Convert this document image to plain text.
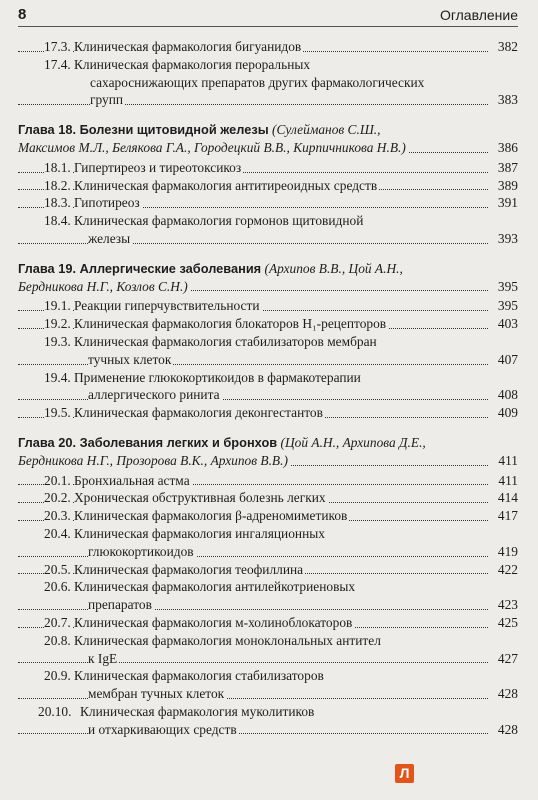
8	Оглавление
17.3. Клиническая фармакология бигуанидов	382
17.4. Клиническая фармакология пероральных
сахароснижающих препаратов других фармакологических
групп	383
Глава 18. Болезни щитовидной железы (Сулейманов С.Ш.,
Максимов М.Л., Белякова Г.А., Городецкий В.В., Кирпичникова Н.В.)	386
18.1. Гипертиреоз и тиреотоксикоз	387
18.2. Клиническая фармакология антитиреоидных средств	389
18.3. Гипотиреоз	391
18.4. Клиническая фармакология гормонов щитовидной
железы	393
Глава 19. Аллергические заболевания (Архипов В.В., Цой А.Н.,
Бердникова Н.Г., Козлов С.Н.)	395
19.1. Реакции гиперчувствительности	395
19.2. Клиническая фармакология блокаторов Н₁-рецепторов	403
19.3. Клиническая фармакология стабилизаторов мембран
тучных клеток	407
19.4. Применение глюкокортикоидов в фармакотерапии
аллергического ринита	408
19.5. Клиническая фармакология деконгестантов	409
Глава 20. Заболевания легких и бронхов (Цой А.Н., Архипова Д.Е.,
Бердникова Н.Г., Прозорова В.К., Архипов В.В.)	411
20.1. Бронхиальная астма	411
20.2. Хроническая обструктивная болезнь легких	414
20.3. Клиническая фармакология β-адреномиметиков	417
20.4. Клиническая фармакология ингаляционных
глюкокортикоидов	419
20.5. Клиническая фармакология теофиллина	422
20.6. Клиническая фармакология антилейкотриеновых
препаратов	423
20.7. Клиническая фармакология м-холиноблокаторов	425
20.8. Клиническая фармакология моноклональных антител
к IgE	427
20.9. Клиническая фармакология стабилизаторов
мембран тучных клеток	428
20.10. Клиническая фармакология муколитиков
и отхаркивающих средств	428
Л
